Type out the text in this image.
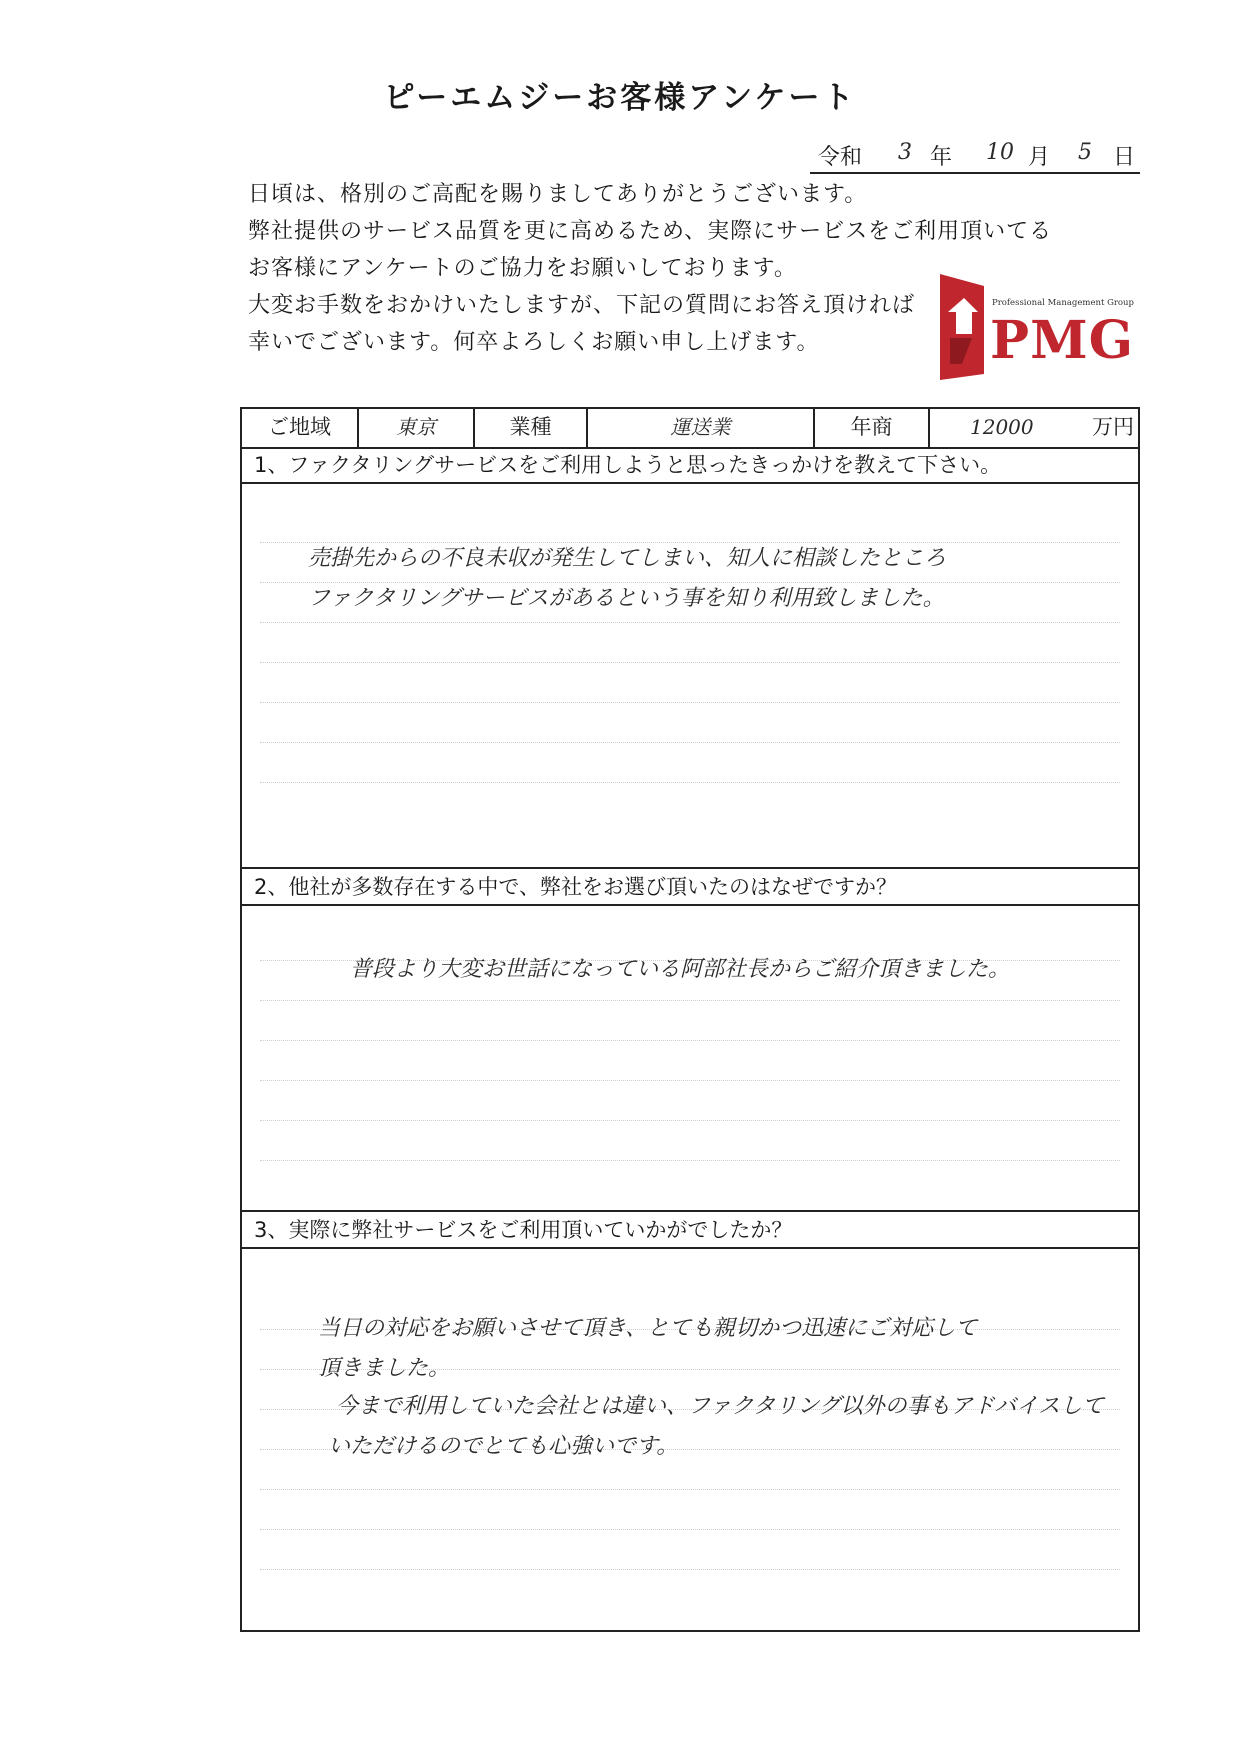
ピーエムジーお客様アンケート
令和 3 年 10 月 5 日
日頃は、格別のご高配を賜りましてありがとうございます。
弊社提供のサービス品質を更に高めるため、実際にサービスをご利用頂いてる
お客様にアンケートのご協力をお願いしております。
大変お手数をおかけいたしますが、下記の質問にお答え頂ければ
幸いでございます。何卒よろしくお願い申し上げます。
Professional Management Group
PMG
ご地域	東京	業種	運送業	年商	12000	万円
1、ファクタリングサービスをご利用しようと思ったきっかけを教えて下さい。
売掛先からの不良未収が発生してしまい、知人に相談したところ
ファクタリングサービスがあるという事を知り利用致しました。
2、他社が多数存在する中で、弊社をお選び頂いたのはなぜですか？
普段より大変お世話になっている阿部社長からご紹介頂きました。
3、実際に弊社サービスをご利用頂いていかがでしたか？
当日の対応をお願いさせて頂き、とても親切かつ迅速にご対応して
頂きました。
今まで利用していた会社とは違い、ファクタリング以外の事もアドバイスして
いただけるのでとても心強いです。
